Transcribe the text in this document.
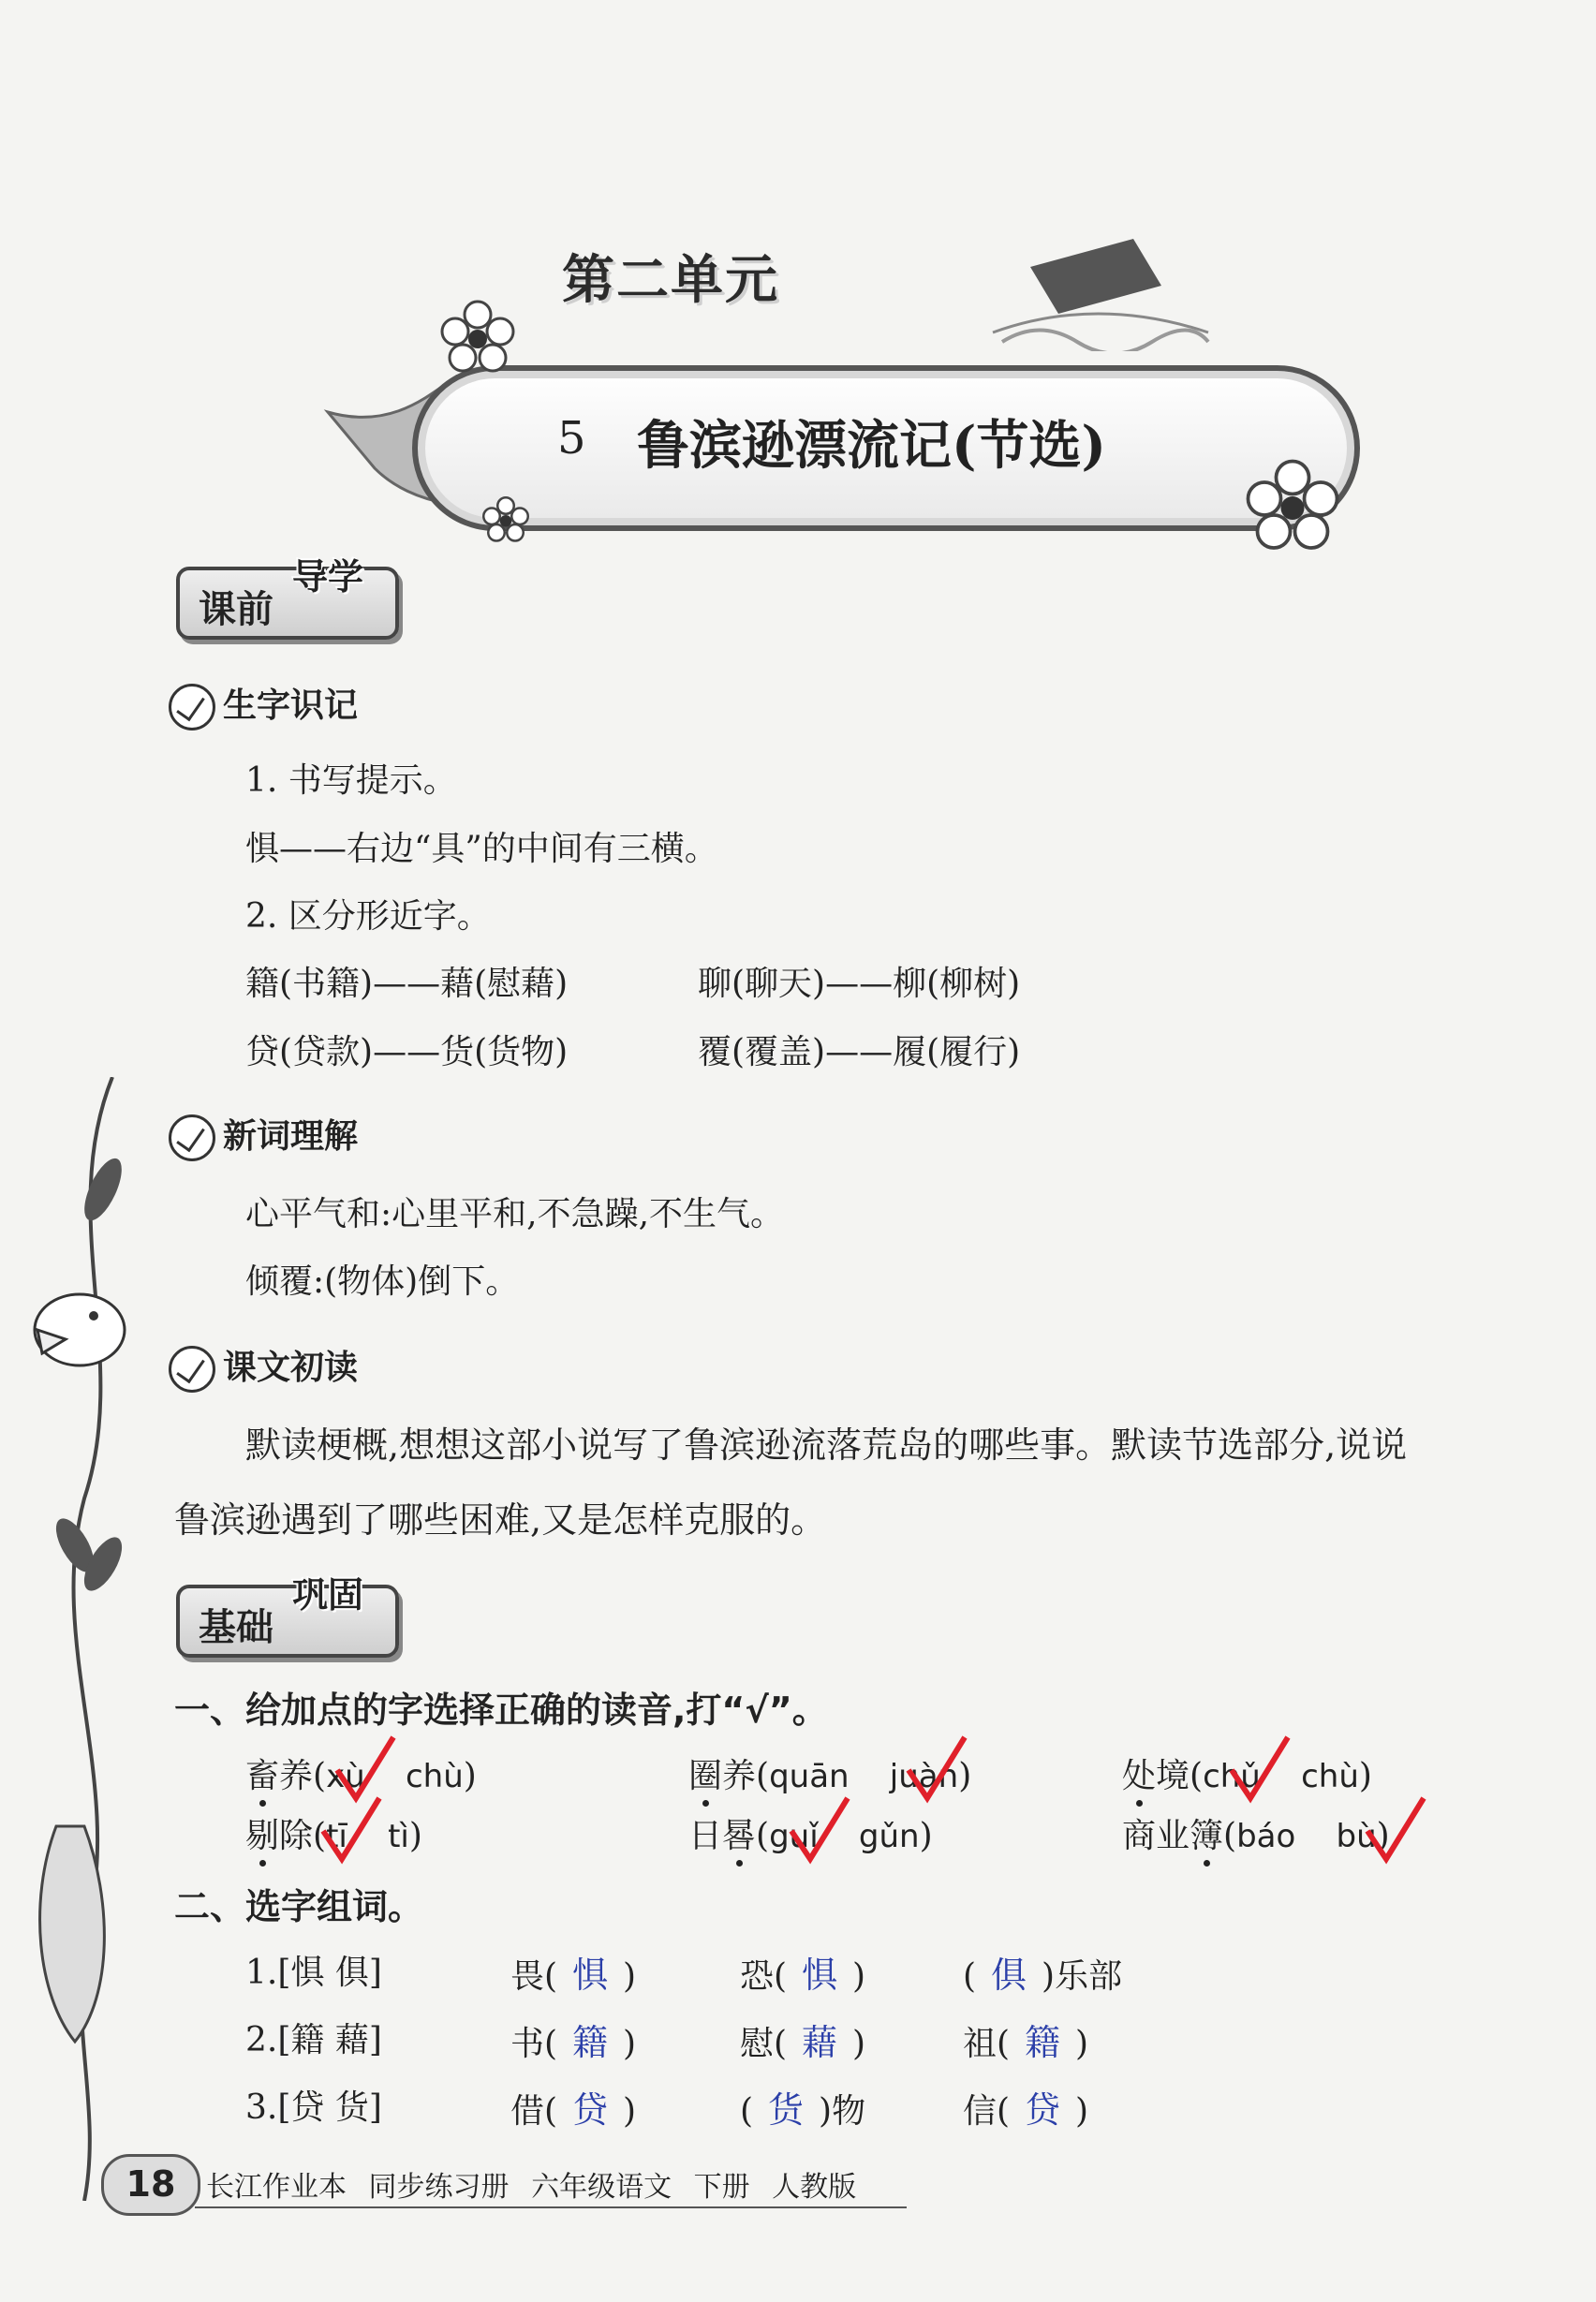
第二单元
5 鲁滨逊漂流记(节选)
课前
导学
生字识记
1. 书写提示。
惧——右边“具”的中间有三横。
2. 区分形近字。
籍(书籍)——藉(慰藉)	聊(聊天)——柳(柳树)
贷(贷款)——货(货物)	覆(覆盖)——履(履行)
新词理解
心平气和:心里平和,不急躁,不生气。
倾覆:(物体)倒下。
课文初读
默读梗概,想想这部小说写了鲁滨逊流落荒岛的哪些事。默读节选部分,说说
鲁滨逊遇到了哪些困难,又是怎样克服的。
基础
巩固
一、给加点的字选择正确的读音,打“√”。
畜养(xù    chù)	圈养(quān    juàn)	处境(chǔ    chù)
剔除(tī    tì)	日晷(guǐ    gǔn)	商业簿(báo    bù)
二、选字组词。
1.[惧 俱]	畏( 惧 )	恐( 惧 )	( 俱 )乐部
2.[籍 藉]	书( 籍 )	慰( 藉 )	祖( 籍 )
3.[贷 货]	借( 贷 )	( 货 )物	信( 贷 )
18	长江作业本 同步练习册 六年级语文 下册 人教版
